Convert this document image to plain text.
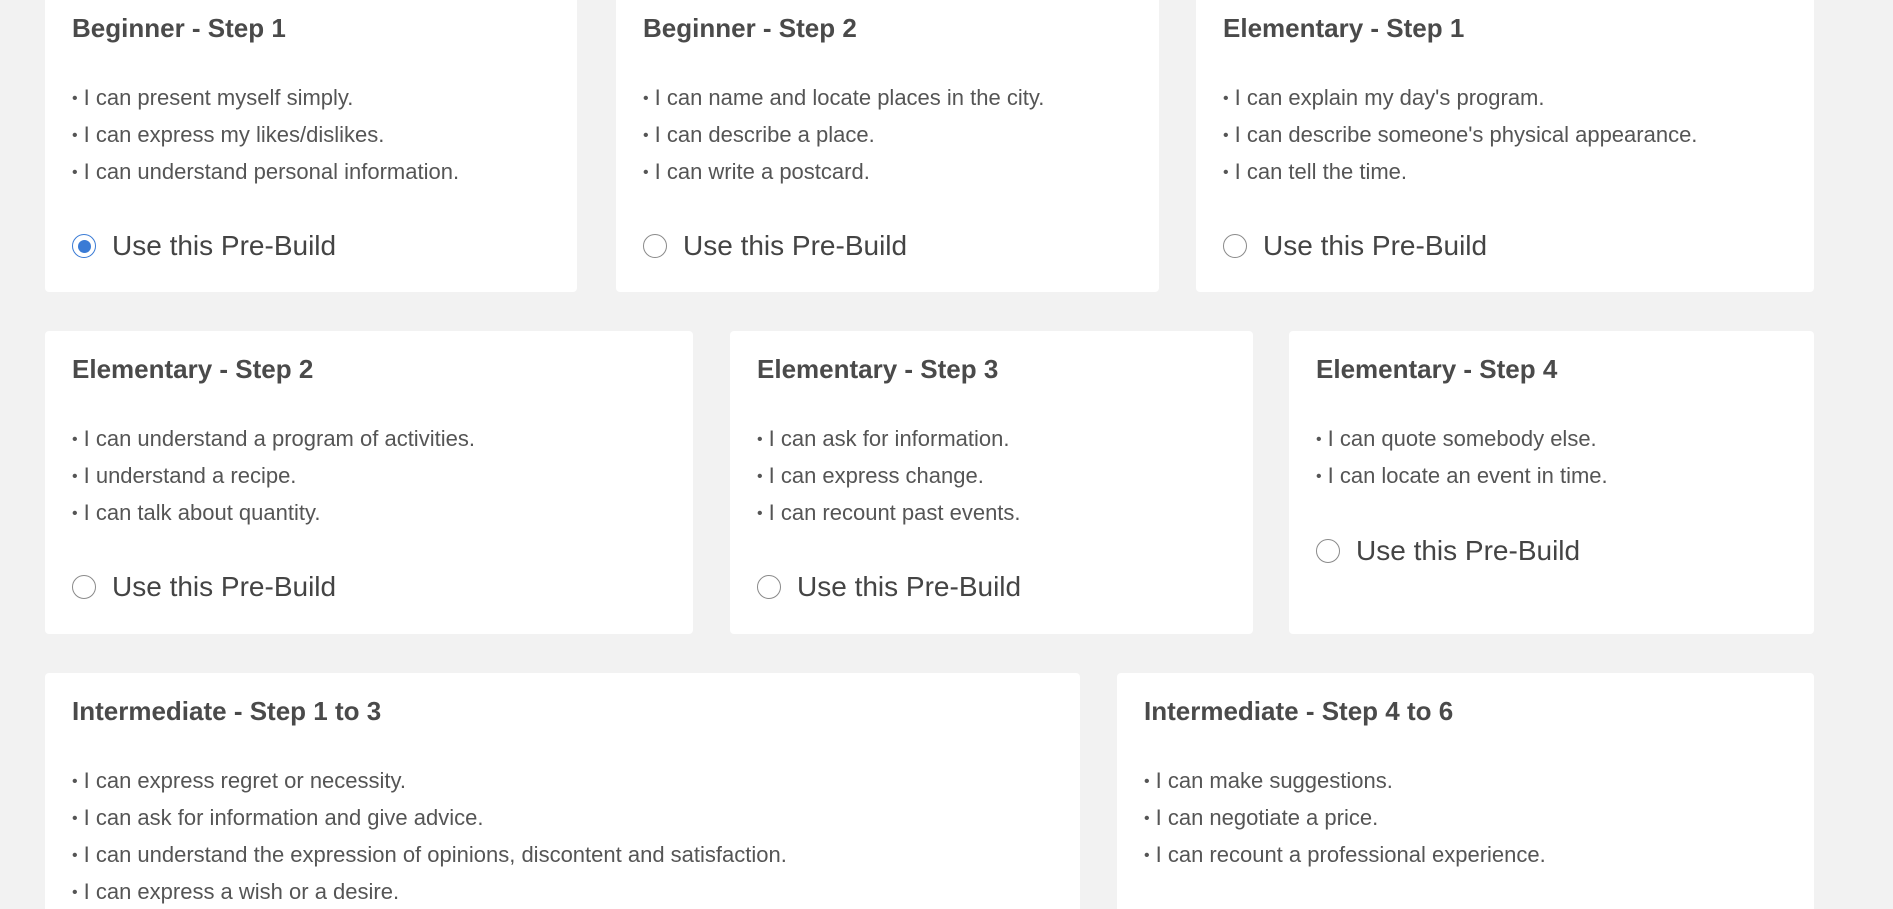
Beginner - Step 1
• I can present myself simply.
• I can express my likes/dislikes.
• I can understand personal information.
Use this Pre-Build
Beginner - Step 2
• I can name and locate places in the city.
• I can describe a place.
• I can write a postcard.
Use this Pre-Build
Elementary - Step 1
• I can explain my day's program.
• I can describe someone's physical appearance.
• I can tell the time.
Use this Pre-Build
Elementary - Step 2
• I can understand a program of activities.
• I understand a recipe.
• I can talk about quantity.
Use this Pre-Build
Elementary - Step 3
• I can ask for information.
• I can express change.
• I can recount past events.
Use this Pre-Build
Elementary - Step 4
• I can quote somebody else.
• I can locate an event in time.
Use this Pre-Build
Intermediate - Step 1 to 3
• I can express regret or necessity.
• I can ask for information and give advice.
• I can understand the expression of opinions, discontent and satisfaction.
• I can express a wish or a desire.
Intermediate - Step 4 to 6
• I can make suggestions.
• I can negotiate a price.
• I can recount a professional experience.
